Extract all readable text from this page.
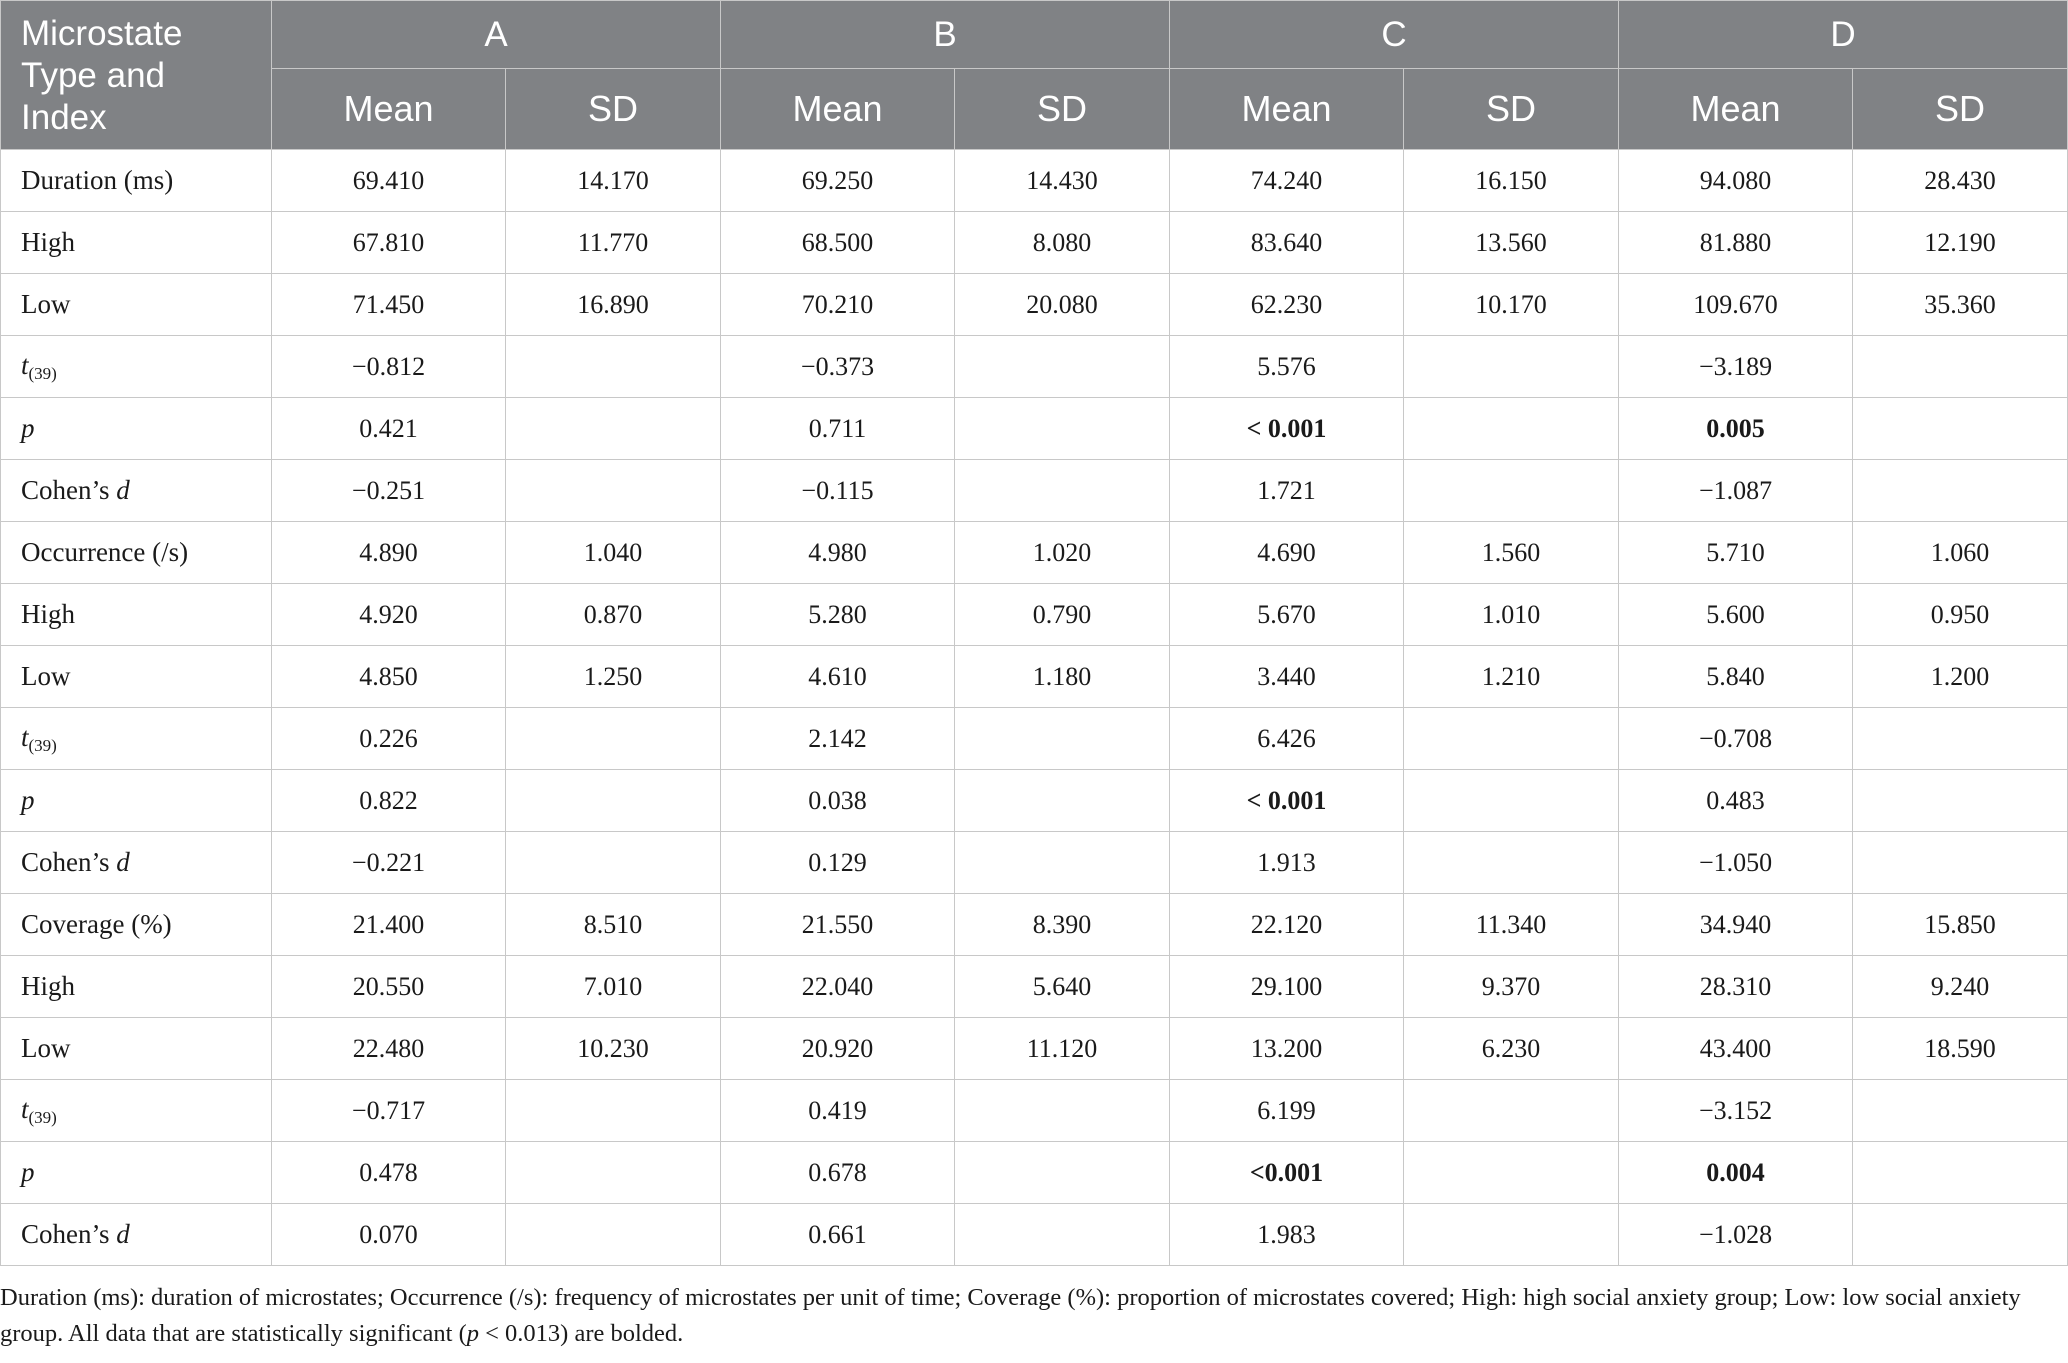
Microstate
Type and
Index	A		B		C		D	
	Mean	SD	Mean	SD	Mean	SD	Mean	SD
Duration (ms)	69.410	14.170	69.250	14.430	74.240	16.150	94.080	28.430
High	67.810	11.770	68.500	8.080	83.640	13.560	81.880	12.190
Low	71.450	16.890	70.210	20.080	62.230	10.170	109.670	35.360
$t_{(39)}$	−0.812		−0.373		5.576		−3.189	
p	0.421		0.711		< 0.001		0.005	
Cohen’s d	−0.251		−0.115		1.721		−1.087	
Occurrence (/s)	4.890	1.040	4.980	1.020	4.690	1.560	5.710	1.060
High	4.920	0.870	5.280	0.790	5.670	1.010	5.600	0.950
Low	4.850	1.250	4.610	1.180	3.440	1.210	5.840	1.200
$t_{(39)}$	0.226		2.142		6.426		−0.708	
p	0.822		0.038		< 0.001		0.483	
Cohen’s d	−0.221		0.129		1.913		−1.050	
Coverage (%)	21.400	8.510	21.550	8.390	22.120	11.340	34.940	15.850
High	20.550	7.010	22.040	5.640	29.100	9.370	28.310	9.240
Low	22.480	10.230	20.920	11.120	13.200	6.230	43.400	18.590
$t_{(39)}$	−0.717		0.419		6.199		−3.152	
p	0.478		0.678		<0.001		0.004	
Cohen’s d	0.070		0.661		1.983		−1.028	
Duration (ms): duration of microstates; Occurrence (/s): frequency of microstates per unit of time; Coverage (%): proportion of microstates covered; High: high social anxiety group; Low: low social anxiety group. All data that are statistically significant (p < 0.013) are bolded.
